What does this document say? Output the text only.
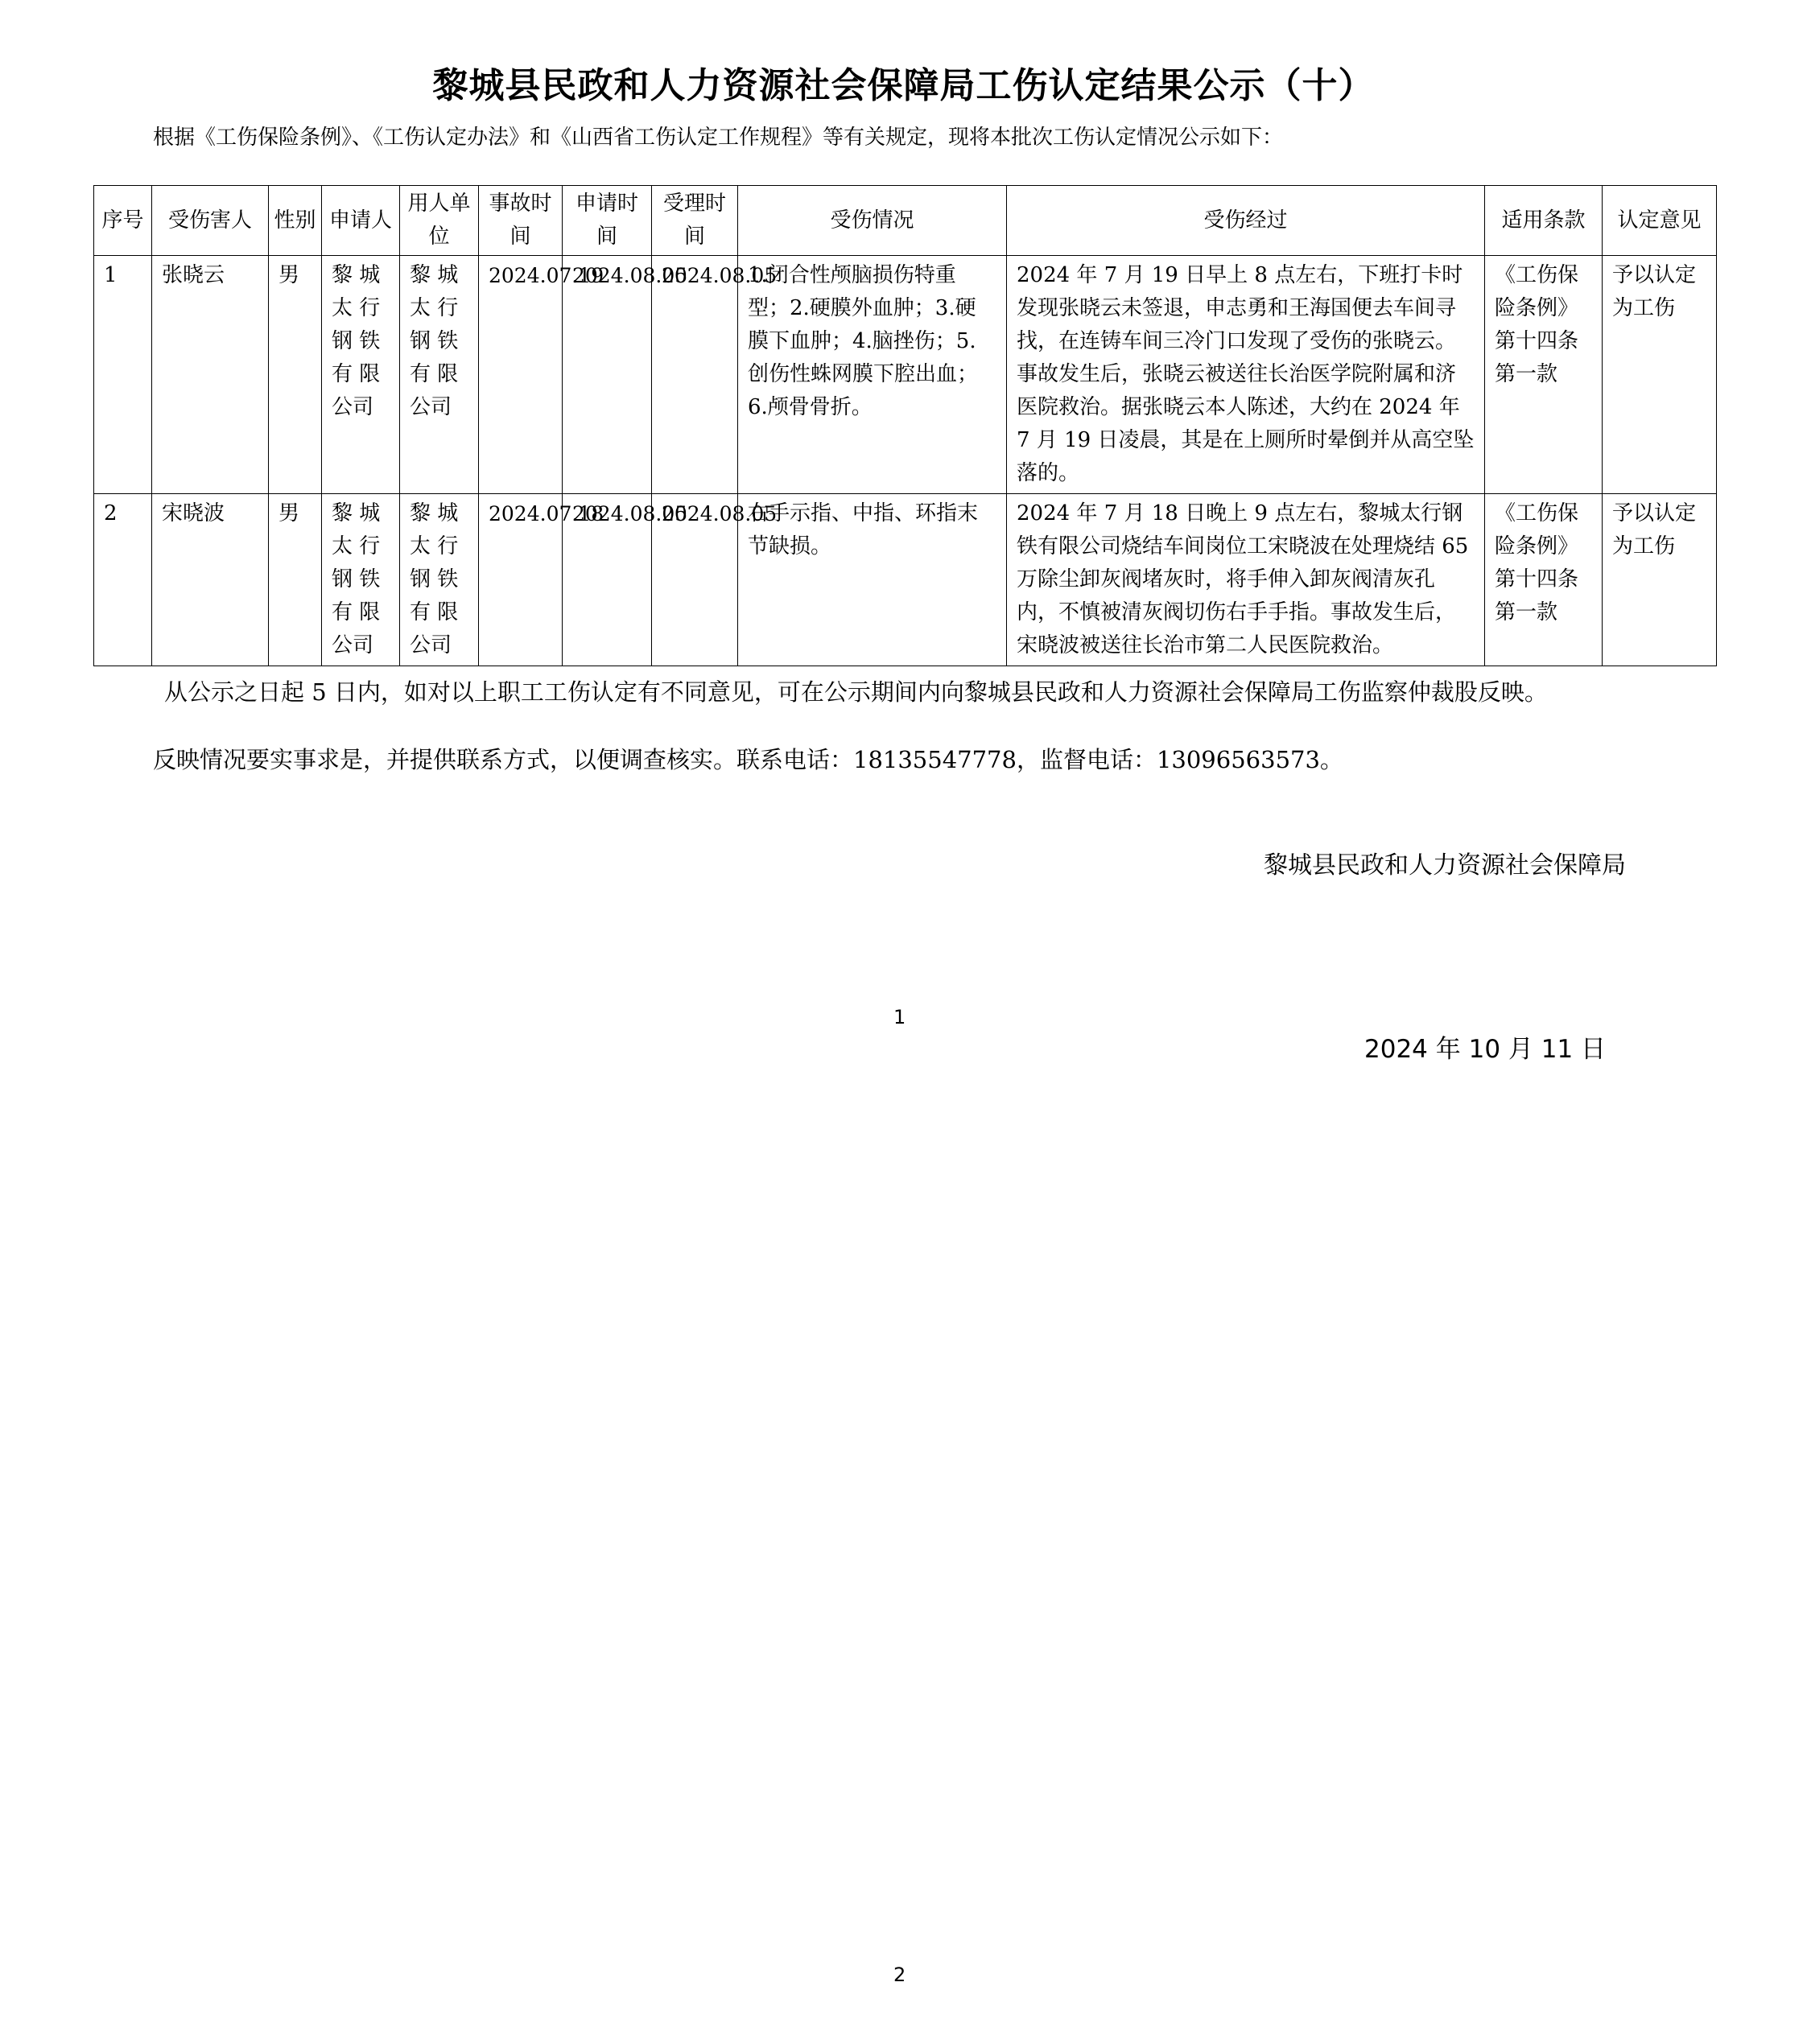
黎城县民政和人力资源社会保障局工伤认定结果公示（十）
根据《工伤保险条例》、《工伤认定办法》和《山西省工伤认定工作规程》等有关规定，现将本批次工伤认定情况公示如下：
序号	受伤害人	性别	申请人	用人单位	事故时间	申请时间	受理时间	受伤情况	受伤经过	适用条款	认定意见
1	张晓云	男	黎 城 太 行 钢 铁 有 限 公司	黎 城 太 行 钢 铁 有 限 公司	2024.07.19	2024.08.05	2024.08.05	1.闭合性颅脑损伤特重型；2.硬膜外血肿；3.硬膜下血肿；4.脑挫伤；5.创伤性蛛网膜下腔出血；6.颅骨骨折。	2024 年 7 月 19 日早上 8 点左右，下班打卡时发现张晓云未签退，申志勇和王海国便去车间寻找，在连铸车间三冷门口发现了受伤的张晓云。事故发生后，张晓云被送往长治医学院附属和济医院救治。据张晓云本人陈述，大约在 2024 年 7 月 19 日凌晨，其是在上厕所时晕倒并从高空坠落的。	《工伤保险条例》第十四条第一款	予以认定为工伤
2	宋晓波	男	黎 城 太 行 钢 铁 有 限 公司	黎 城 太 行 钢 铁 有 限 公司	2024.07.18	2024.08.05	2024.08.05	右手示指、中指、环指末节缺损。	2024 年 7 月 18 日晚上 9 点左右，黎城太行钢铁有限公司烧结车间岗位工宋晓波在处理烧结 65 万除尘卸灰阀堵灰时，将手伸入卸灰阀清灰孔内，不慎被清灰阀切伤右手手指。事故发生后，宋晓波被送往长治市第二人民医院救治。	《工伤保险条例》第十四条第一款	予以认定为工伤
从公示之日起 5 日内，如对以上职工工伤认定有不同意见，可在公示期间内向黎城县民政和人力资源社会保障局工伤监察仲裁股反映。
反映情况要实事求是，并提供联系方式，以便调查核实。联系电话：18135547778，监督电话：13096563573。
黎城县民政和人力资源社会保障局
1
2024 年 10 月 11 日
2
